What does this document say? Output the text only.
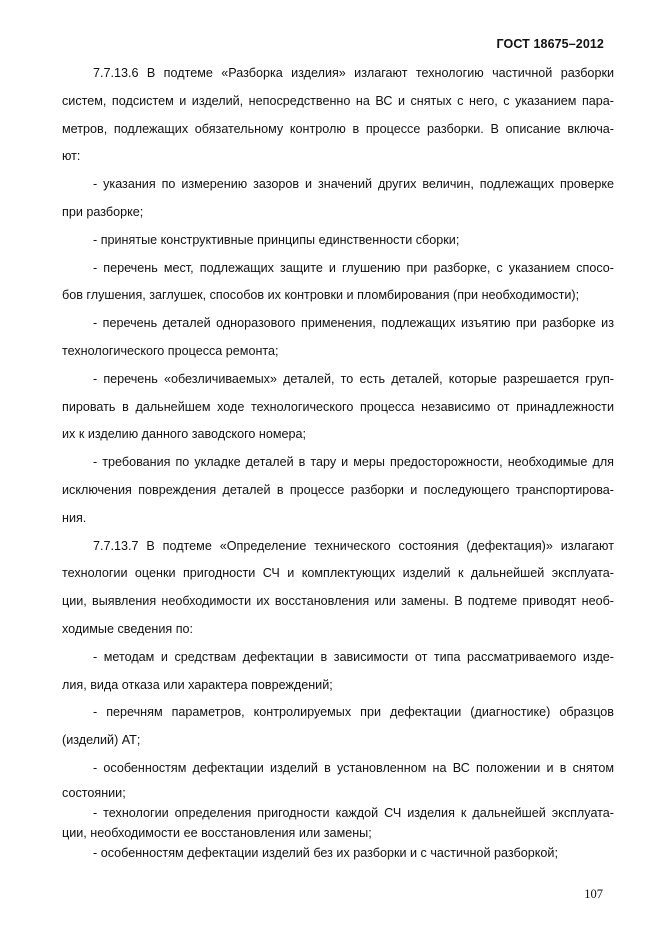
ГОСТ 18675–2012
7.7.13.6 В подтеме «Разборка изделия» излагают технологию частичной разборки
систем, подсистем и изделий, непосредственно на ВС и снятых с него, с указанием пара-
метров, подлежащих обязательному контролю в процессе разборки. В описание включа-
ют:
- указания по измерению зазоров и значений других величин, подлежащих проверке
при разборке;
- принятые конструктивные принципы единственности сборки;
- перечень мест, подлежащих защите и глушению при разборке, с указанием спосо-
бов глушения, заглушек, способов их контровки и пломбирования (при необходимости);
- перечень деталей одноразового применения, подлежащих изъятию при разборке из
технологического процесса ремонта;
- перечень «обезличиваемых» деталей, то есть деталей, которые разрешается груп-
пировать в дальнейшем ходе технологического процесса независимо от принадлежности
их к изделию данного заводского номера;
- требования по укладке деталей в тару и меры предосторожности, необходимые для
исключения повреждения деталей в процессе разборки и последующего транспортирова-
ния.
7.7.13.7 В подтеме «Определение технического состояния (дефектация)» излагают
технологии оценки пригодности СЧ и комплектующих изделий к дальнейшей эксплуата-
ции, выявления необходимости их восстановления или замены. В подтеме приводят необ-
ходимые сведения по:
- методам и средствам дефектации в зависимости от типа рассматриваемого изде-
лия, вида отказа или характера повреждений;
- перечням параметров, контролируемых при дефектации (диагностике) образцов
(изделий) АТ;
- особенностям дефектации изделий в установленном на ВС положении и в снятом
состоянии;
- технологии определения пригодности каждой СЧ изделия к дальнейшей эксплуата-
ции, необходимости ее восстановления или замены;
- особенностям дефектации изделий без их разборки и с частичной разборкой;
107
